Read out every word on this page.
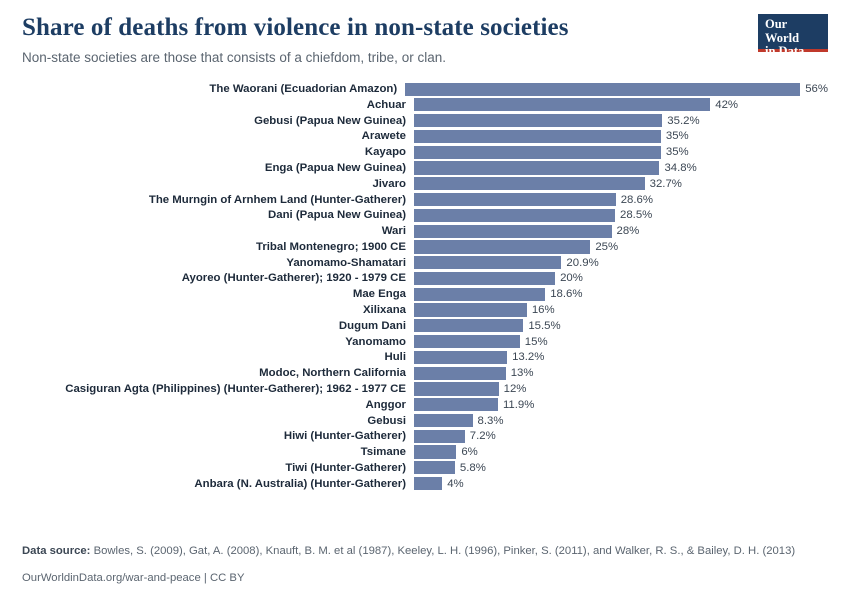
Share of deaths from violence in non-state societies

Non-state societies are those that consists of a chiefdom, tribe, or clan.

Our World
in Data
The Waorani (Ecuadorian Amazon)	56%
Achuar	42%
Gebusi (Papua New Guinea)	35.2%
Arawete	35%
Kayapo	35%
Enga (Papua New Guinea)	34.8%
Jivaro	32.7%
The Murngin of Arnhem Land (Hunter-Gatherer)	28.6%
Dani (Papua New Guinea)	28.5%
Wari	28%
Tribal Montenegro; 1900 CE	25%
Yanomamo-Shamatari	20.9%
Ayoreo (Hunter-Gatherer); 1920 - 1979 CE	20%
Mae Enga	18.6%
Xilixana	16%
Dugum Dani	15.5%
Yanomamo	15%
Huli	13.2%
Modoc, Northern California	13%
Casiguran Agta (Philippines) (Hunter-Gatherer); 1962 - 1977 CE	12%
Anggor	11.9%
Gebusi	8.3%
Hiwi (Hunter-Gatherer)	7.2%
Tsimane	6%
Tiwi (Hunter-Gatherer)	5.8%
Anbara (N. Australia) (Hunter-Gatherer)	4%
Data source: Bowles, S. (2009), Gat, A. (2008), Knauft, B. M. et al (1987), Keeley, L. H. (1996), Pinker, S. (2011), and Walker, R. S., & Bailey, D. H. (2013)
OurWorldinData.org/war-and-peace | CC BY
